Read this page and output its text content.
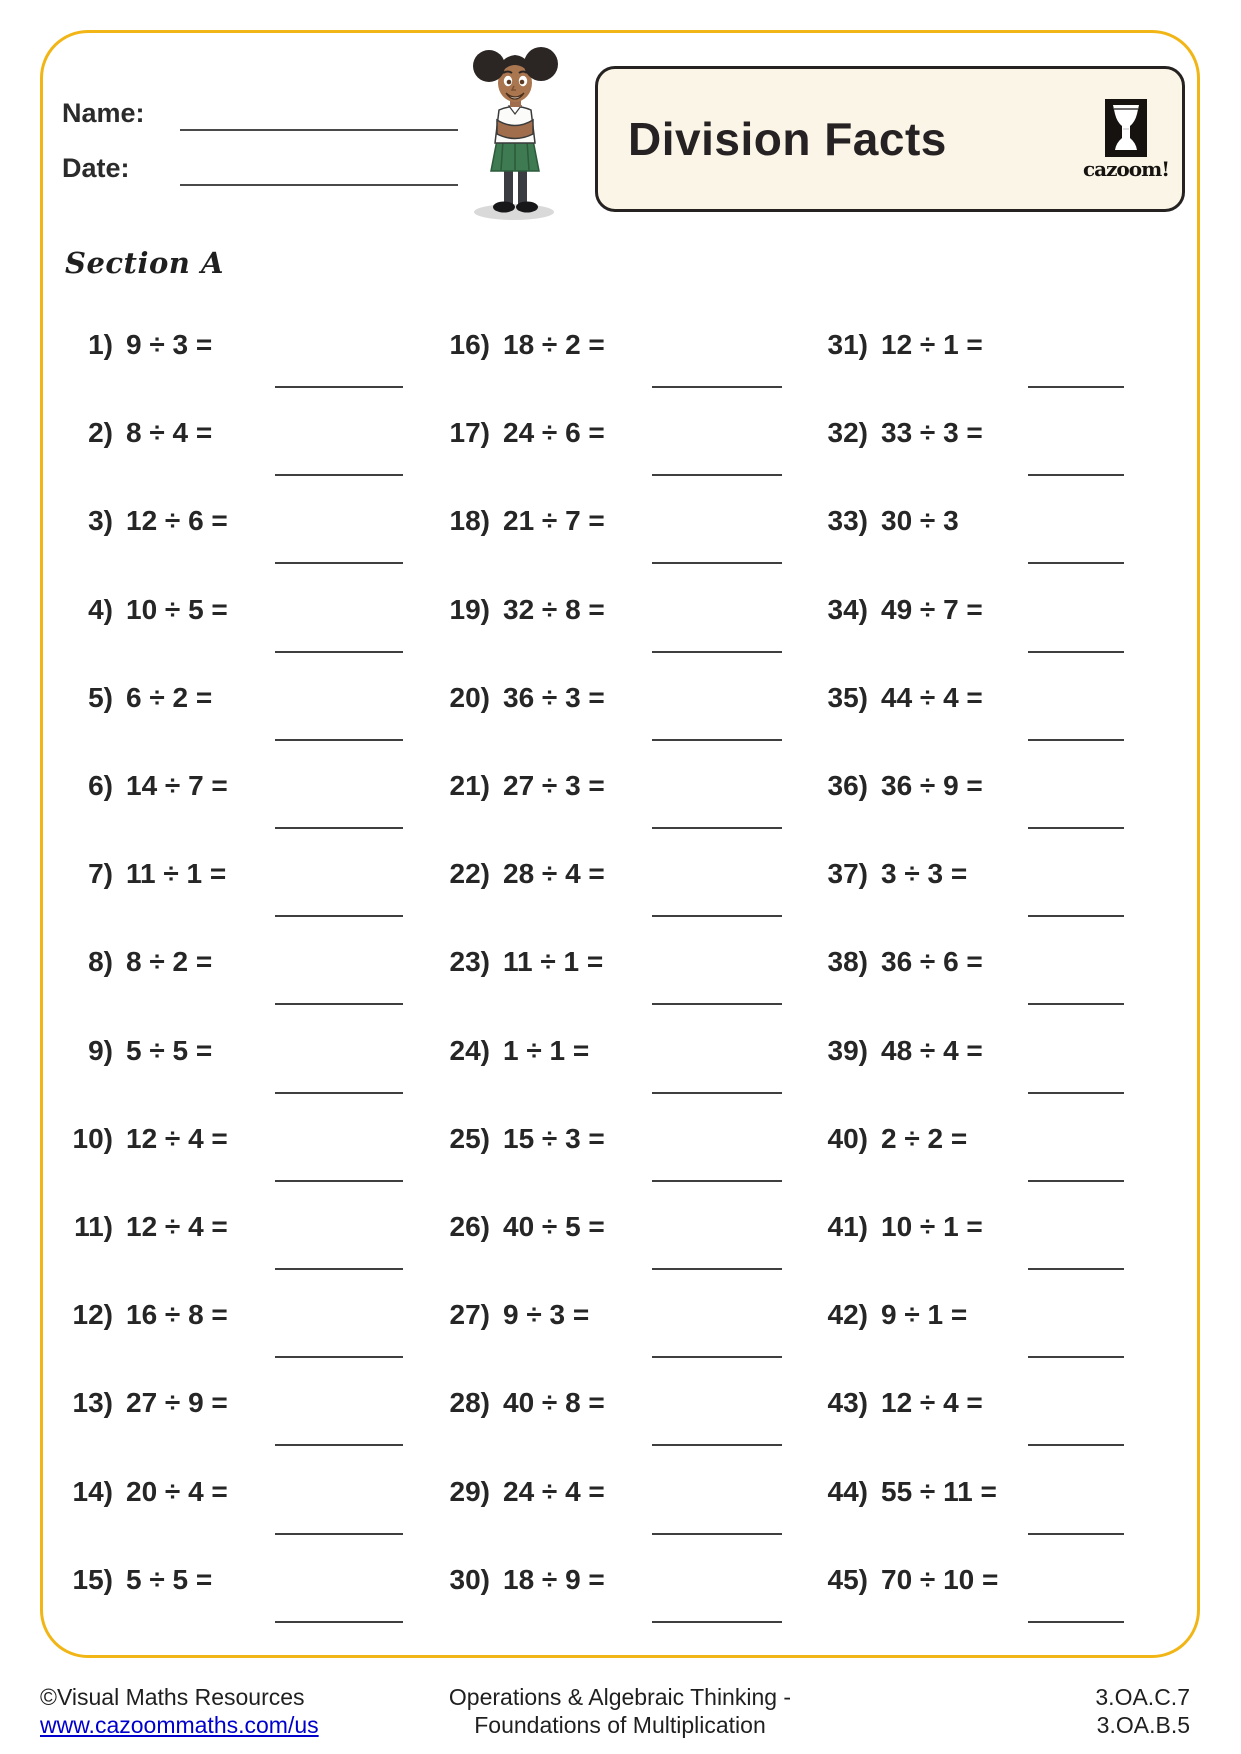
Name:
Date:
Division Facts
cazoom!
Section A
1) 9 ÷ 3 =
2) 8 ÷ 4 =
3) 12 ÷ 6 =
4) 10 ÷ 5 =
5) 6 ÷ 2 =
6) 14 ÷ 7 =
7) 11 ÷ 1 =
8) 8 ÷ 2 =
9) 5 ÷ 5 =
10) 12 ÷ 4 =
11) 12 ÷ 4 =
12) 16 ÷ 8 =
13) 27 ÷ 9 =
14) 20 ÷ 4 =
15) 5 ÷ 5 =
16) 18 ÷ 2 =
17) 24 ÷ 6 =
18) 21 ÷ 7 =
19) 32 ÷ 8 =
20) 36 ÷ 3 =
21) 27 ÷ 3 =
22) 28 ÷ 4 =
23) 11 ÷ 1 =
24) 1 ÷ 1 =
25) 15 ÷ 3 =
26) 40 ÷ 5 =
27) 9 ÷ 3 =
28) 40 ÷ 8 =
29) 24 ÷ 4 =
30) 18 ÷ 9 =
31) 12 ÷ 1 =
32) 33 ÷ 3 =
33) 30 ÷ 3
34) 49 ÷ 7 =
35) 44 ÷ 4 =
36) 36 ÷ 9 =
37) 3 ÷ 3 =
38) 36 ÷ 6 =
39) 48 ÷ 4 =
40) 2 ÷ 2 =
41) 10 ÷ 1 =
42) 9 ÷ 1 =
43) 12 ÷ 4 =
44) 55 ÷ 11 =
45) 70 ÷ 10 =
©Visual Maths Resources
www.cazoommaths.com/us
Operations & Algebraic Thinking -
Foundations of Multiplication
3.OA.C.7
3.OA.B.5
